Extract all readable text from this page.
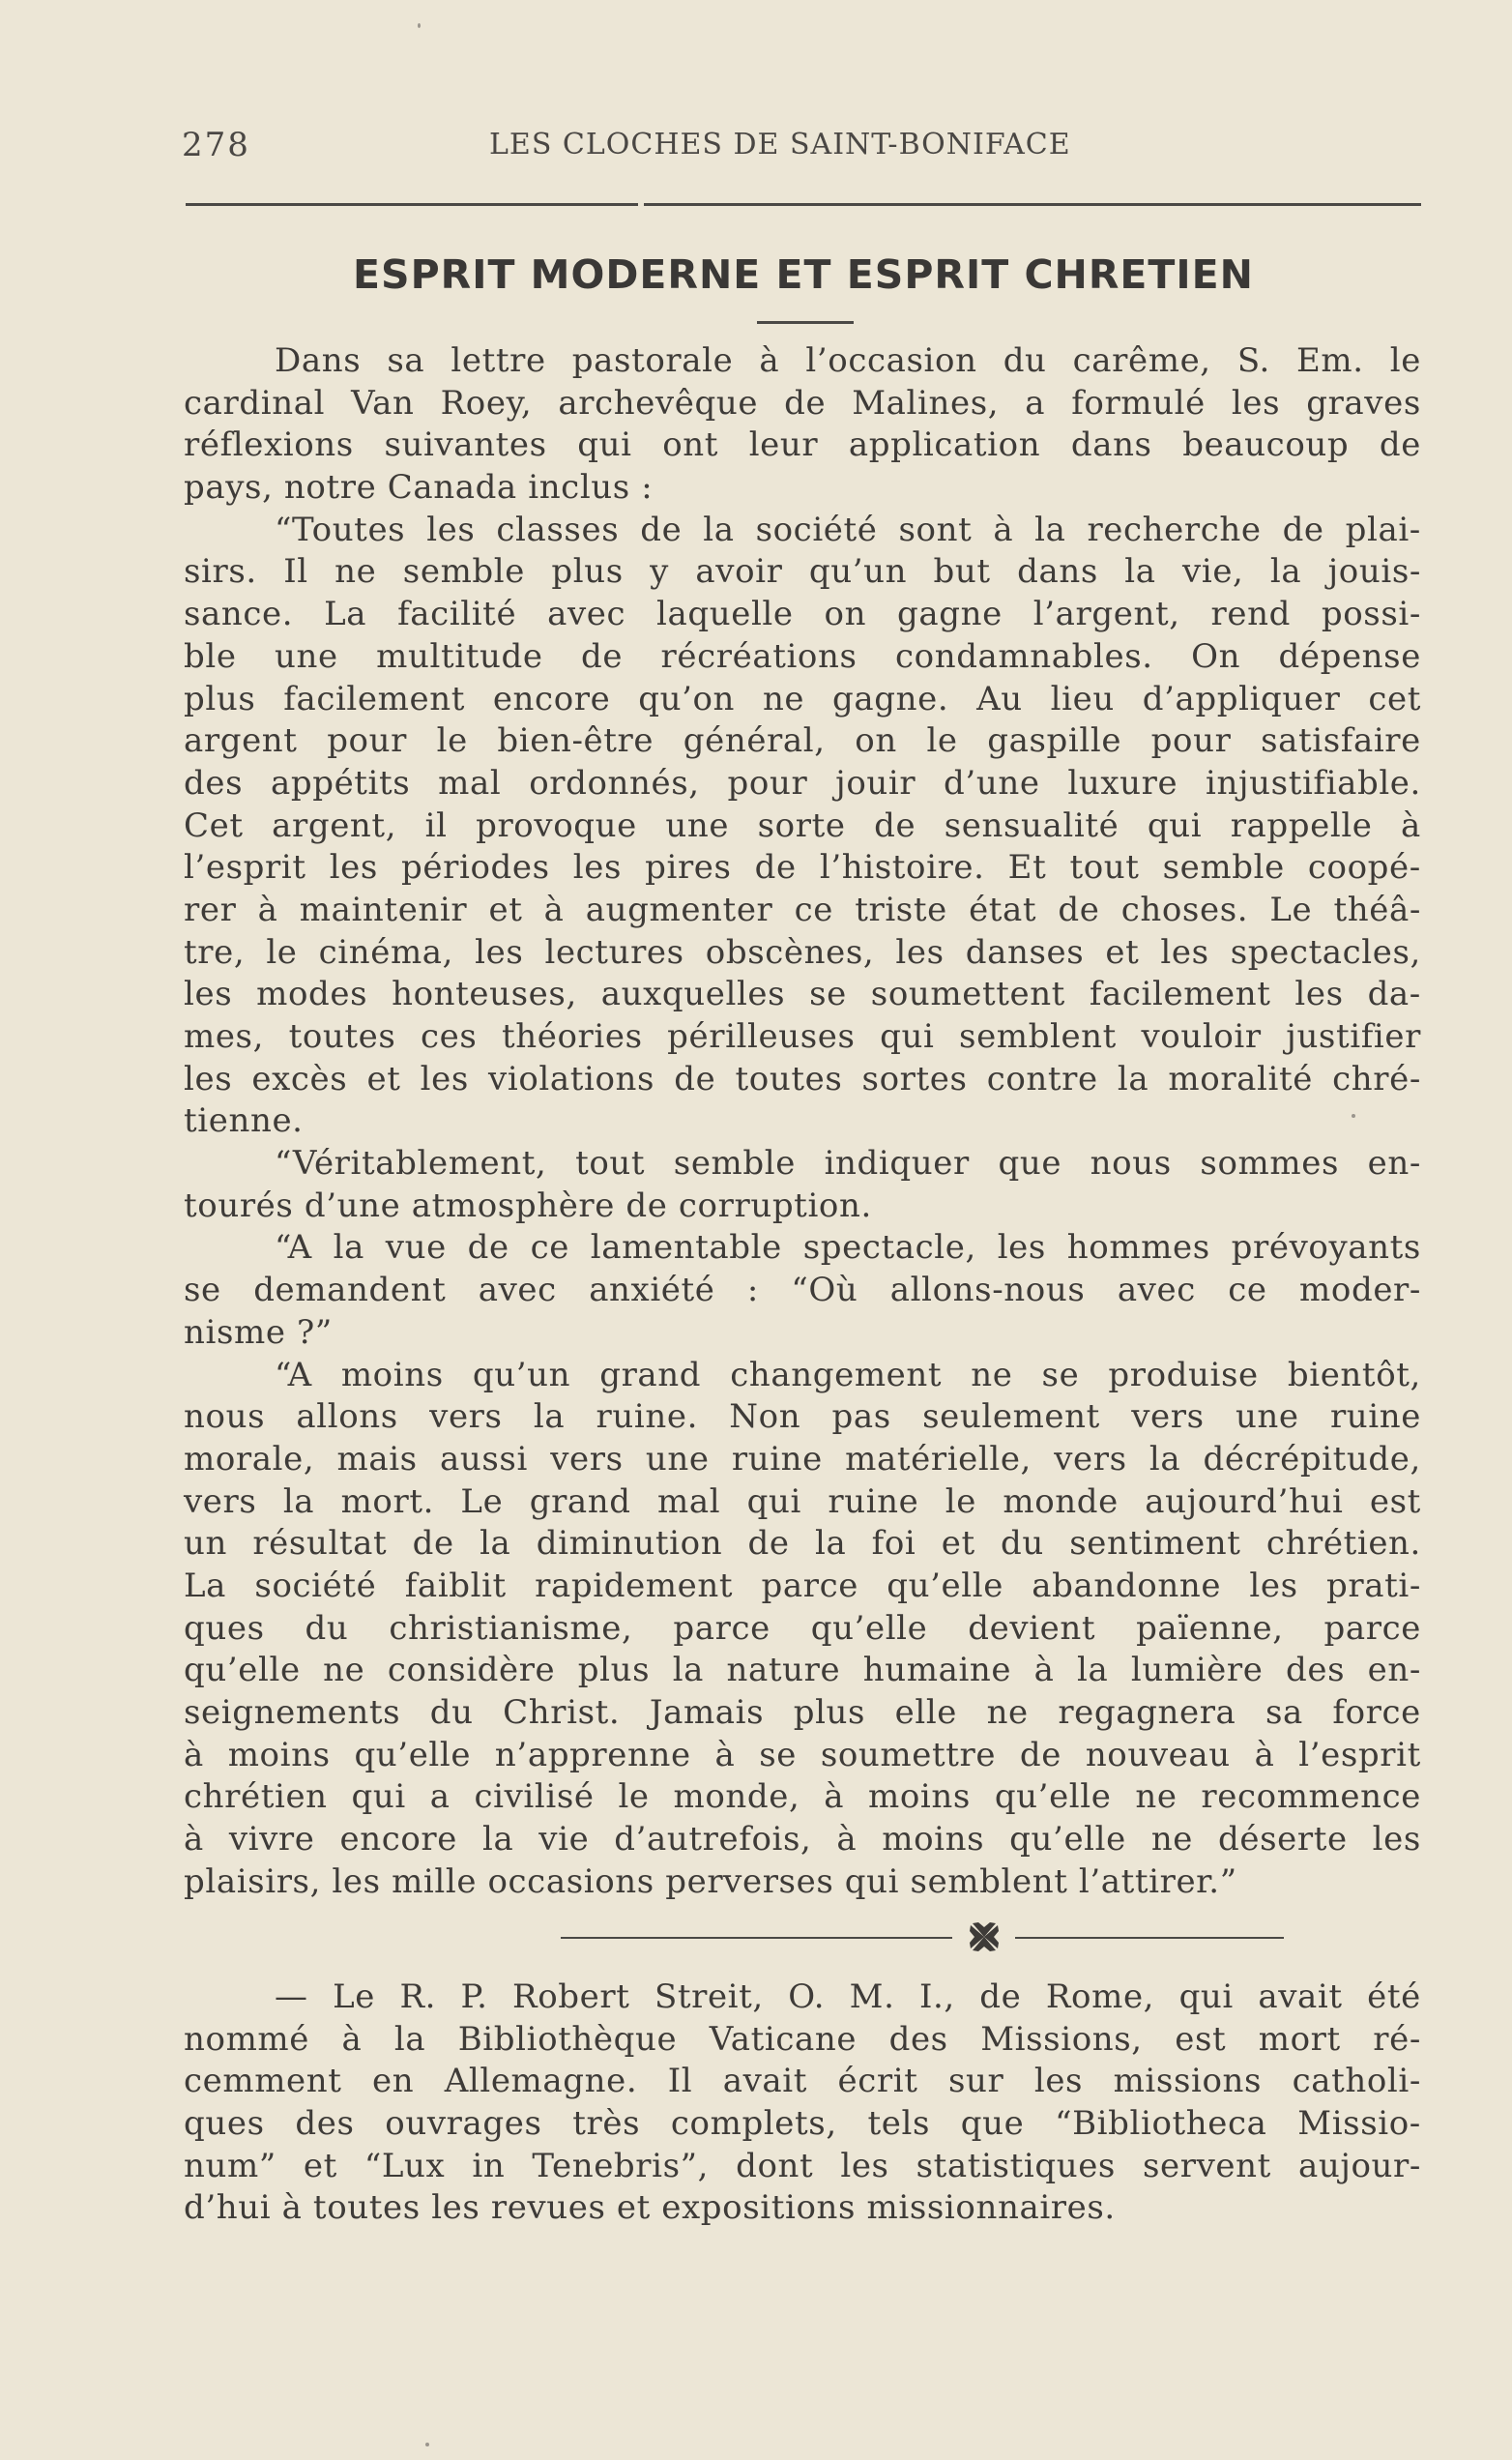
278	LES CLOCHES DE SAINT-BONIFACE
ESPRIT MODERNE ET ESPRIT CHRETIEN
Dans sa lettre pastorale à l’occasion du carême, S. Em. le
cardinal Van Roey, archevêque de Malines, a formulé les graves
réflexions suivantes qui ont leur application dans beaucoup de
pays, notre Canada inclus :
“Toutes les classes de la société sont à la recherche de plai-
sirs. Il ne semble plus y avoir qu’un but dans la vie, la jouis-
sance. La facilité avec laquelle on gagne l’argent, rend possi-
ble une multitude de récréations condamnables. On dépense
plus facilement encore qu’on ne gagne. Au lieu d’appliquer cet
argent pour le bien-être général, on le gaspille pour satisfaire
des appétits mal ordonnés, pour jouir d’une luxure injustifiable.
Cet argent, il provoque une sorte de sensualité qui rappelle à
l’esprit les périodes les pires de l’histoire. Et tout semble coopé-
rer à maintenir et à augmenter ce triste état de choses. Le théâ-
tre, le cinéma, les lectures obscènes, les danses et les spectacles,
les modes honteuses, auxquelles se soumettent facilement les da-
mes, toutes ces théories périlleuses qui semblent vouloir justifier
les excès et les violations de toutes sortes contre la moralité chré-
tienne.
“Véritablement, tout semble indiquer que nous sommes en-
tourés d’une atmosphère de corruption.
“A la vue de ce lamentable spectacle, les hommes prévoyants
se demandent avec anxiété : “Où allons-nous avec ce moder-
nisme ?”
“A moins qu’un grand changement ne se produise bientôt,
nous allons vers la ruine. Non pas seulement vers une ruine
morale, mais aussi vers une ruine matérielle, vers la décrépitude,
vers la mort. Le grand mal qui ruine le monde aujourd’hui est
un résultat de la diminution de la foi et du sentiment chrétien.
La société faiblit rapidement parce qu’elle abandonne les prati-
ques du christianisme, parce qu’elle devient païenne, parce
qu’elle ne considère plus la nature humaine à la lumière des en-
seignements du Christ. Jamais plus elle ne regagnera sa force
à moins qu’elle n’apprenne à se soumettre de nouveau à l’esprit
chrétien qui a civilisé le monde, à moins qu’elle ne recommence
à vivre encore la vie d’autrefois, à moins qu’elle ne déserte les
plaisirs, les mille occasions perverses qui semblent l’attirer.”
— Le R. P. Robert Streit, O. M. I., de Rome, qui avait été
nommé à la Bibliothèque Vaticane des Missions, est mort ré-
cemment en Allemagne. Il avait écrit sur les missions catholi-
ques des ouvrages très complets, tels que “Bibliotheca Missio-
num” et “Lux in Tenebris”, dont les statistiques servent aujour-
d’hui à toutes les revues et expositions missionnaires.
